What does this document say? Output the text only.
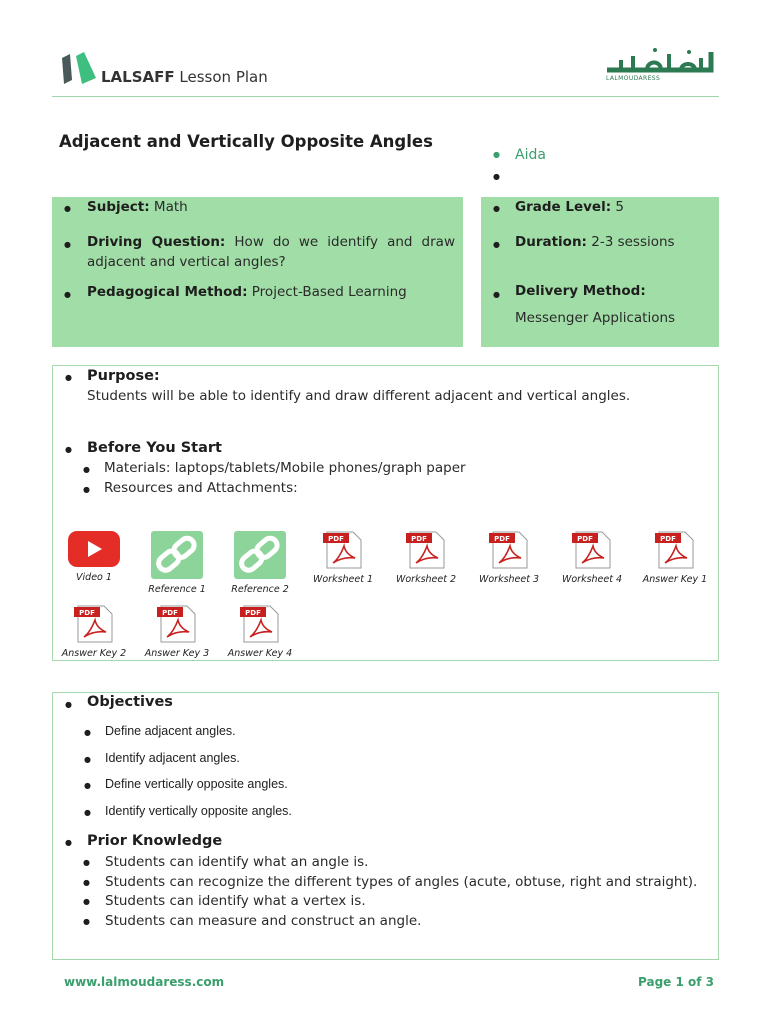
LALSAFF Lesson Plan	LALMOUDARESS
Adjacent and Vertically Opposite Angles
● Aida
●
● Subject: Math
● Driving Question: How do we identify and draw adjacent and vertical angles?
● Pedagogical Method: Project-Based Learning
● Grade Level: 5
● Duration: 2-3 sessions
● Delivery Method: Messenger Applications
● Purpose:
Students will be able to identify and draw different adjacent and vertical angles.
● Before You Start
● Materials: laptops/tablets/Mobile phones/graph paper
● Resources and Attachments:
Video 1
Reference 1	Reference 2
PDF
Worksheet 1
PDF
Worksheet 2
PDF
Worksheet 3
PDF
Worksheet 4
PDF
Answer Key 1
PDF
Answer Key 2
PDF
Answer Key 3
PDF
Answer Key 4
● Objectives
● Define adjacent angles.
● Identify adjacent angles.
● Define vertically opposite angles.
● Identify vertically opposite angles.
● Prior Knowledge
● Students can identify what an angle is.
● Students can recognize the different types of angles (acute, obtuse, right and straight).
● Students can identify what a vertex is.
● Students can measure and construct an angle.
www.lalmoudaress.com	Page 1 of 3
